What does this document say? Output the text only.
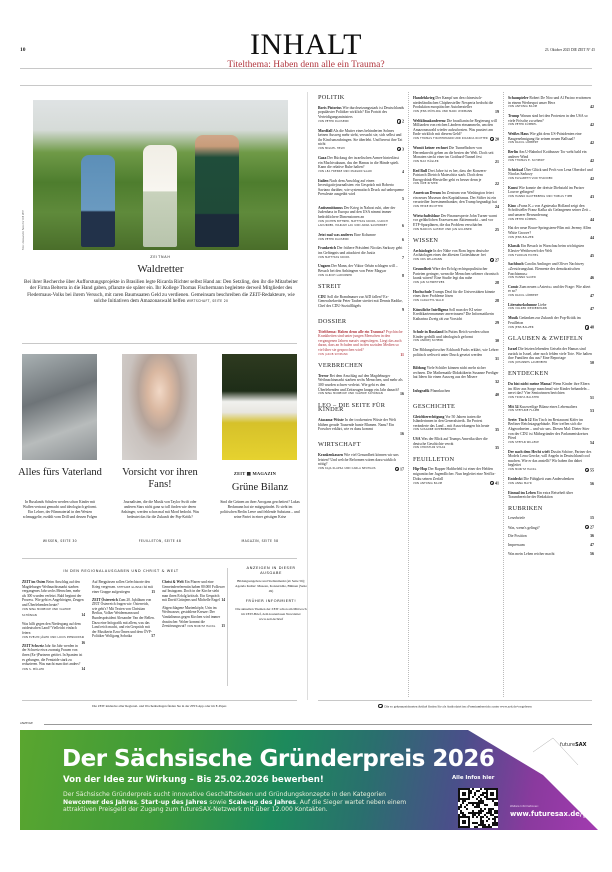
10	INHALT	23. Oktober 2025 DIE ZEIT N° 45
Titelthema: Haben denn alle ein Trauma?
Foto: Alessandro Falco für DIE ZEIT
ZEITNAH
Waldretter
Bei ihrer Recherche über Aufforstungsprojekte in Brasilien legte Ricarda Richter selbst Hand an: Den Setzling, den ihr die Mitarbeiter der Firma Belterra in die Hand gaben, pflanzte sie später ein. Ihr Kollege Thomas Fischermann begleitete derweil Mitglieder des Fledermaus-Volks bei ihrem Versuch, mit raren Baumsaaten Geld zu verdienen. Gemeinsam beschreiben die ZEIT-Redakteure, wie solche Initiativen dem Amazonaswald helfen WIRTSCHAFT, SEITE 20
Alles fürs Vaterland
In Russlands Schulen werden schon Kinder mit Waffen vertraut gemacht und ideologisch geformt. Ein Lehrer, der Filmmaterial in den Westen schmuggelte, erzählt vom Drill und dessen Folgen
WISSEN, SEITE 30
Vorsicht vor ihren Fans!
Journalisten, die die Musik von Taylor Swift oder anderen Stars nicht ganz so toll finden wie deren Anhänger, werden schon mal mit Mord bedroht. Was bedeutet das für die Zukunft der Pop-Kritik?
FEUILLETON, SEITE 48
ZEIT ▦ MAGAZIN
Grüne Bilanz
Sind die Grünen an ihrer Arroganz gescheitert? Lukas Beckmann hat sie mitgegründet. Er sieht im politischen Berlin Leere und fehlende Substanz – und seine Partei in einer geistigen Krise
MAGAZIN, SEITE 58
IN DEN REGIONALAUSGABEN UND CHRIST & WELT

ZEIT im Osten Beim Anschlag auf den Magdeburger Weihnachtsmarkt starben vergangenes Jahr sechs Menschen, mehr als 300 wurden verletzt. Bald beginnt der Prozess. Wie geht es Angehörigen, Zeugen und Überlebenden heute?
VON NINA MONECKE UND VALERIE SCHÖNIAN	14

Was hilft gegen den Niedergang auf dem ostdeutschen Land? Vielleicht einfach feiern
VON EVELYN JÄGER UND LOUIS PIENKOWSKI
16

ZEIT Schweiz Jahr für Jahr werden in der Schweiz etwa zwanzig Frauen von ihren (Ex-)Partnern getötet. In Spanien ist es gelungen, die Femizide stark zu reduzieren. Was macht man dort anders? VON S. MÜLLER	14

Auf Bergpässen sollen Gefechtsorte den Krieg vergessen. STEFANIE GLINSKI ist mit einer Gruppe aufgestiegen	15

ZEIT Österreich Zum 20. Jubiläum von ZEIT Österreich fragen wir: Österreich, wie geht's? Mit Texten von Christian Berlias, Volker Weidermann und Bundespräsident Alexander Van der Bellen. Dazu eine Infografik mit allem, was das Land reich macht, und ein Gespräch mit der Musikerin Ezra Ömen und dem ÖVP-Politiker Wolfgang Sobotka	57

Christ & Welt Ein Pfarrer und eine Gemeindereferentin haben 80.000 Follower auf Instagram. Doch in der Kirche sieht man ihren Erfolg kritisch. Ein Gespräch mit David Grünjens und Michelle Engel 14

Abgeschlagene Marienköpfe, Urin im Weihwasser, gestohlene Kreuze: Der Vandalismus gegen Kirchen wird immer drastischer. Woher kommt die Zerstörungswut? VON MORITZ HACKL 15

ANZEIGEN IN DIESER AUSGABE
Bildungsangebote und Stellenmarkt (ab Seite 56); Agenda Kultur: Museen, Konzertsäle, Bühnen (Seite 49)
FRÜHER INFORMIERT!
Die aktuellen Themen der ZEIT schon am Mittwoch im ZEIT-Brief, dem kostenlosen Newsletter www.zeit.de/brief
Die ZEIT inklusive aller Regional- und Wochenbeilagen finden Sie in der ZEIT-App oder im E-Paper.
POLITIK
Boris Pistorius Wie durchsetzungsstark ist Deutschlands populärster Politiker wirklich? Ein Porträt des Verteidigungsministers
VON PETER DAUSEND	2
Mordfall Als die Mutter eines behinderten Sohnes keinen Ausweg mehr sieht, versucht sie, sich selbst und ihr Kind umzubringen. Sie überlebt. Und bereut ihre Tat nicht
VON MIGUEL HELM	3
Gaza Der Rückzug der israelischen Armee hinterlässt ein Machtvakuum, das der Hamas in die Hände spielt. Kann die relative Ruhe halten?
VON LEA FRENSE UND MARLON SAADI	4
Italien Nach dem Anschlag auf einen Investigativjournalisten: ein Gespräch mit Roberto Saviano darüber, wie systematisch Druck auf unbequeme Pressleute ausgeübt wird
5
Antisemitismus Der Krieg in Nahost ruht, aber der Judenhass in Europa und den USA nimmt immer bedrohlichere Dimensionen an
VON JOCHEN BITTNER, MATTHIAS KRUPA, ULRICH LADURNER, MARIAM LAU UND ANNA SAUERBREY	6
Jetzt mal was anderes Eine Kolumne
VON PETER DAUSEND	6
Frankreich Der frühere Präsident Nicolas Sarkozy geht ins Gefängnis und attackiert die Justiz
VON MATTHIAS KRUPA	7
Ungarn Der Mann, der Viktor Orbán schlagen will – Besuch bei den Anhängern von Peter Magyar
VON ULRICH LADURNER	8
STREIT
CDU Soll die Brandmauer zur AfD fallen? Ex-Generalsekretär Peter Tauber streitet mit Dennis Radtke, Chef des CDU-Sozialflügels
9
DOSSIER
Titelthema: Haben denn alle ein Trauma? Psychische Krankheiten sind unter jungen Menschen in den vergangenen Jahren massiv angestiegen. Liegt das auch daran, dass an Schulen und in den sozialen Medien so viel über sie gesprochen wird?
VON JAKOB SIMMANK	11
VERBRECHEN
Terror Bei dem Anschlag auf den Magdeburger Weihnachtsmarkt starben sechs Menschen, und mehr als 300 wurden schwer verletzt. Wie geht es den Überlebenden und Zeitzeugen knapp ein Jahr danach?
VON NINA MONECKE UND VALERIE SCHÖNIAN	16
LEO – DIE SEITE FÜR KINDER
Atacama-Wüste In der trockensten Wüste der Welt blühen gerade Tausende bunte Blumen. Nanu? Ein Forscher erklärt, wie es dazu kommt
16
WIRTSCHAFT
Krankenkassen Wie viel Gesundheit können wir uns leisten? Und welche Reformen wären dazu wirklich nötig?
VON KAJA KLAPSA UND CARLA NEUHAUS	17
Handelskrieg Der Kampf um den chinesisch-niederländischen Chiphersteller Nexperia bedroht die Produktion europäischer Autohersteller
VON JENS MÜHLING UND MARC WIDMANN	19
Weltklimakonferenz Die brasilianische Regierung will Milliarden von reichen Ländern einsammeln, um den Amazonaswald wieder aufzuforsten. Was passiert am Ende wirklich mit diesem Geld?
VON THOMAS FISCHERMANN UND RICARDA RICHTER	20
Womit keiner rechnet Die Tunnelbohrer von Herrenknecht gehen an die besten der Welt. Doch seit Monaten steckt einer im Gotthard-Tunnel fest
VON MAX HÄGLER	21
Red Bull Drei Jahre ist es her, dass der Konzern-Patriarch Dietrich Mateschitz starb. Doch dem Energydrink-Hersteller geht es besser denn je
VON UWE RITZER	22
American Dream Im Zentrum von Washington feiert ein neues Museum den Kapitalismus. Der Stifter ist ein verurteilter Investmentbanker, den Trump begnadigt hat
VON HEIKE BUCHTER	24
Wirtschaftsblase Der Finanzexperte John Turner warnt vor gefährlichen Exzessen am Aktienmarkt – und vor ETF-Sparplänen, die das Problem verschärfen
VON MARCUS GATZKE UND JAN GULDNER	25
WISSEN
Archäologie In der Nähe von Rom legen deutsche Archäologen eines der ältesten Gotteshäuser frei
VON URS WILLMANN	27
Gesundheit Wäre der Erfolg rechtspopulistischer Parteien geringer, wenn die Menschen seltener chronisch krank wären? Eine Studie legt das nahe
VON JAN SCHWEITZER	28
Hochschule Trumps Deal für die Universitäten könnte eines ihrer Probleme lösen
VON CARLOTTA WALD	28
Künstliche Intelligenz Soll man der KI seine Kreditkartennummer anvertrauen? Die Informatikerin Katharina Zweig rät zur Vorsicht
29
Schule in Russland In Putins Reich werden schon Kinder gedrillt und ideologisch geformt
VON ANDREJ SCHENK	30
Der Bildungsforscher Eckhardt Fuchs erklärt, wie Lehrer politisch weltweit unter Druck gesetzt werden
31
Bildung Viele Schüler können nicht mehr sicher rechnen. Die Mathematik-Didaktikerin Susanne Prediger hat Ideen für einen Ausweg aus der Misere
32
Infografik Pfannkuchen
40
GESCHICHTE
Gleichberechtigung Vor 50 Jahren traten die Isländerinnen in den Generalstreik. Ihr Protest veränderte das Land – mit Auswirkungen bis heute
VON SUSANNE KIPPENBERGER	35
USA Was der Blick auf Trumps Amerika über die deutsche Geschichte verrät
VON CHRISTIAN STAAS	35
FEUILLETON
Hip-Hop Der Rapper Haftbefehl ist einer der Helden migrantischer Jugendlicher. Nun begleitet eine Netflix-Doku seinen Zerfall
VON ANTONIA BAUM	41
Schauspieler Robert De Niro und Al Pacino erwärmen in einem Werbespot unser Herz
VON ANTONIA BAUM	42
Trump Warum sind bei den Protesten in den USA so viele Frösche zu sehen?
VON PETER KÜMMEL	42
Weißes Haus Wie gibt dem US-Präsidenten eine Baugenehmigung für seinen neuen Ballsaal?
VON RAOUL LÖBBERT	42
Berlin Am U-Bahnhof Kottbusser Tor weht bald ein anderer Wind
VON THOMAS E. SCHMIDT	42
Schicksal Über Glück und Pech von Lena Oberdorf und Nicolas Sarkozy
VON ELISABETH VON THADDEN	42
Kunst Wie konnte der dreiste Diebstahl im Pariser Louvre gelingen?
VON HANNO RAUTERBERG UND TOBIAS TIMM	43
Kino »Franz K.« von Agnieszka Holland zeigt den Schriftsteller Franz Kafka als Gefangenen seiner Zeit – und unserer Bewunderung
VON PETER KÜMMEL	44
Hat der neue Bruce-Springsteen-Film mit Jeremy Allen White Groove?
VON JENS BALZER	44
Klassik Ein Besuch in Warschau beim wichtigsten Klavier-Wettbewerb der Welt
VON FLORIAN EICHEL	45
Sachbuch Carolin Amlinger und Oliver Nachtwey »Zerstörungslust. Elemente des demokratischen Faschismus«
VON HANNO SAUER	46
Comic Zum neuen »Asterix« und der Frage: Wie altert er so?
VON RAOUL LÖBBERT	47
Literaturkolumne Liebe
VON VOLKER WEIDERMANN	47
Musik Gedanken zur Zukunft der Pop-Kritik im Feuilleton
VON JENS BALZER	48
GLAUBEN & ZWEIFELN
Israel Die letzten lebenden Geiseln der Hamas sind zurück in Israel, aber noch fehlen viele Tote. Wie halten ihre Familien das aus? Eine Reportage
VON JOHANNES LAUBMEIER	50
ENTDECKEN
Du bist nicht meine Mama! Wenn Kinder ihre Eltern im Alter aus Sorge manchmal wie Kinder behandeln – nervt das? Vier Seniorinnen berichten
VON TRISHA BALSTER	51
Mit 34 Kurzweilige Bilanz eines Lebensalters
VON STEFANIE FLAMM	53
Serie: Tisch 12 Ein Tisch im Restaurant Käfer im Berliner Reichstagsgebäude. Hier treffen sich die Abgeordneten – und wir uns. Diesen Mal: Dieter Stier von der CDU ist Mitbegründer des Parlamentskreises Pferd
VON STEFAN WILLEKE	54
Der nach dem Hecht wirft Dustin Schöne, Partner des Models Lena Gercke, will Angeln in Deutschland cool machen. Wie er das anstellt? Wir haben ihn dabei begleitet
VON MORITZ HACKL	55
Entdeckt Die Fähigkeit zum Andersdenken
VON ANNA MAYR	56
Einmal im Leben Ein extra Reiseheft über Traumbereiche der Redaktion
RUBRIKEN
Leserbriefe	15
Was, wenn's gelingt?	27
Die Position	36
Impressum	47
Was mein Leben reicher macht	56
Die so gekennzeichneten Artikel finden Sie als Audiodatei im »Premiumbereich« unter www.zeit.de/vorgelesen
ANZEIGE
futureSAX
Der Sächsische Gründerpreis 2026
Von der Idee zur Wirkung – Bis 25.02.2026 bewerben!
Der Sächsische Gründerpreis sucht innovative Geschäftsideen und Gründungskonzepte in den Kategorien Newcomer des Jahres, Start-up des Jahres sowie Scale-up des Jahres. Auf die Sieger wartet neben einem attraktiven Preisgeld der Zugang zum futureSAX-Netzwerk mit über 12.000 Kontakten.
Alle Infos hier
Weitere Informationen:
www.futuresax.de/gp
